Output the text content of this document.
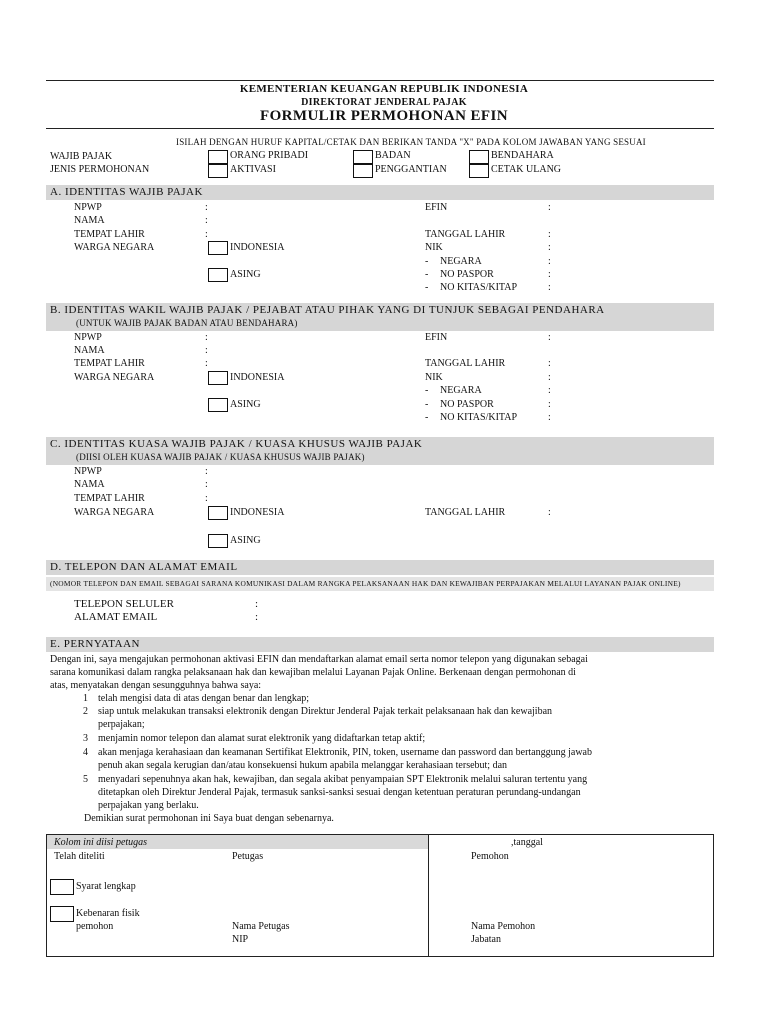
KEMENTERIAN KEUANGAN REPUBLIK INDONESIA
DIREKTORAT JENDERAL PAJAK
FORMULIR PERMOHONAN EFIN
ISILAH DENGAN HURUF KAPITAL/CETAK DAN BERIKAN TANDA "X" PADA KOLOM JAWABAN YANG SESUAI
WAJIB PAJAK
JENIS PERMOHONAN
ORANG PRIBADI	BADAN	BENDAHARA
AKTIVASI	PENGGANTIAN	CETAK ULANG
A. IDENTITAS WAJIB PAJAK
NPWP	:	EFIN	:
NAMA	:
TEMPAT LAHIR	:	TANGGAL LAHIR	:
WARGA NEGARA	INDONESIA	NIK	:
- NEGARA	:
ASING	- NO PASPOR	:
- NO KITAS/KITAP	:
B. IDENTITAS WAKIL WAJIB PAJAK / PEJABAT ATAU PIHAK YANG DI TUNJUK SEBAGAI PENDAHARA
(UNTUK WAJIB PAJAK BADAN ATAU BENDAHARA)
NPWP	:	EFIN	:
NAMA	:
TEMPAT LAHIR	:	TANGGAL LAHIR	:
WARGA NEGARA	INDONESIA	NIK	:
- NEGARA	:
ASING	- NO PASPOR	:
- NO KITAS/KITAP	:
C. IDENTITAS KUASA WAJIB PAJAK / KUASA KHUSUS WAJIB PAJAK
(DIISI OLEH KUASA WAJIB PAJAK / KUASA KHUSUS WAJIB PAJAK)
NPWP	:
NAMA	:
TEMPAT LAHIR	:
WARGA NEGARA	INDONESIA	TANGGAL LAHIR	:
ASING
D. TELEPON DAN ALAMAT EMAIL
(NOMOR TELEPON DAN EMAIL SEBAGAI SARANA KOMUNIKASI DALAM RANGKA PELAKSANAAN HAK DAN KEWAJIBAN PERPAJAKAN MELALUI LAYANAN PAJAK ONLINE)
TELEPON SELULER	:
ALAMAT EMAIL	:
E. PERNYATAAN
Dengan ini, saya mengajukan permohonan aktivasi EFIN dan mendaftarkan alamat email serta nomor telepon yang digunakan sebagai
sarana komunikasi dalam rangka pelaksanaan hak dan kewajiban melalui Layanan Pajak Online. Berkenaan dengan permohonan di
atas, menyatakan dengan sesungguhnya bahwa saya:
1 telah mengisi data di atas dengan benar dan lengkap;
2 siap untuk melakukan transaksi elektronik dengan Direktur Jenderal Pajak terkait pelaksanaan hak dan kewajiban
perpajakan;
3 menjamin nomor telepon dan alamat surat elektronik yang didaftarkan tetap aktif;
4 akan menjaga kerahasiaan dan keamanan Sertifikat Elektronik, PIN, token, username dan password dan bertanggung jawab
penuh akan segala kerugian dan/atau konsekuensi hukum apabila melanggar kerahasiaan tersebut; dan
5 menyadari sepenuhnya akan hak, kewajiban, dan segala akibat penyampaian SPT Elektronik melalui saluran tertentu yang
ditetapkan oleh Direktur Jenderal Pajak, termasuk sanksi-sanksi sesuai dengan ketentuan peraturan perundang-undangan
perpajakan yang berlaku.
Demikian surat permohonan ini Saya buat dengan sebenarnya.
Kolom ini diisi petugas	,tanggal
Telah diteliti	Petugas	Pemohon
Syarat lengkap
Kebenaran fisik
pemohon	Nama Petugas
NIP
Nama Pemohon
Jabatan
